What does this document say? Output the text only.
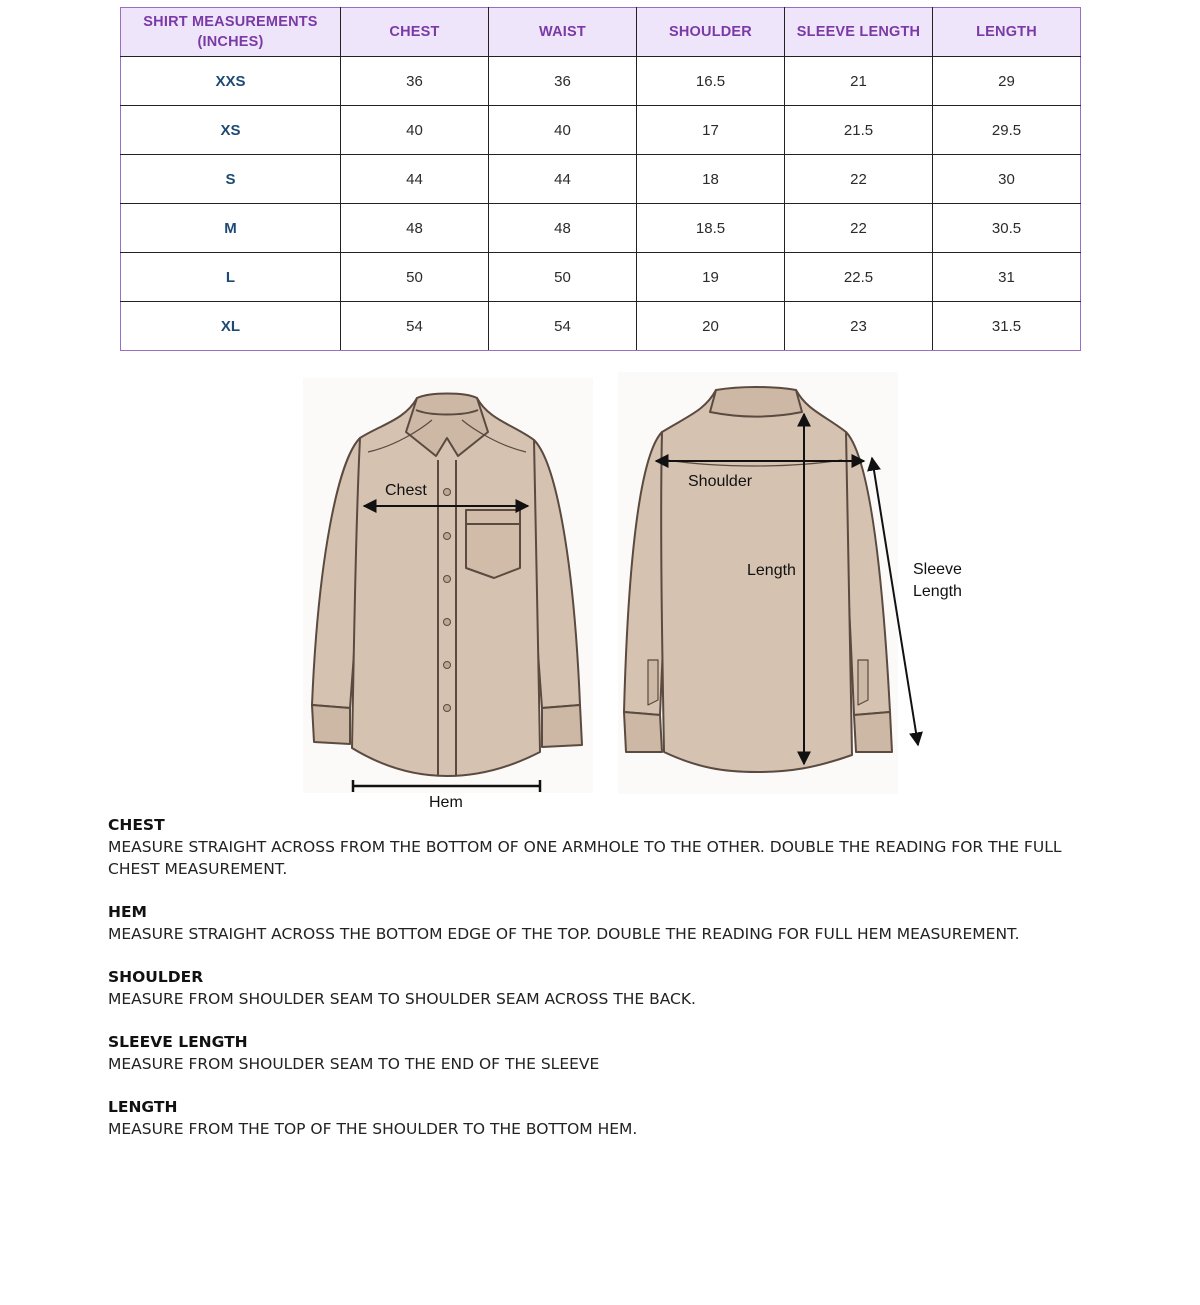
SHIRT MEASUREMENTS (INCHES)	CHEST	WAIST	SHOULDER	SLEEVE LENGTH	LENGTH
XXS	36	36	16.5	21	29
XS	40	40	17	21.5	29.5
S	44	44	18	22	30
M	48	48	18.5	22	30.5
L	50	50	19	22.5	31
XL	54	54	20	23	31.5
Chest
Hem
Shoulder
Length	Sleeve
Length
CHEST
MEASURE STRAIGHT ACROSS FROM THE BOTTOM OF ONE ARMHOLE TO THE OTHER. DOUBLE THE READING FOR THE FULL CHEST MEASUREMENT.
HEM
MEASURE STRAIGHT ACROSS THE BOTTOM EDGE OF THE TOP. DOUBLE THE READING FOR FULL HEM MEASUREMENT.
SHOULDER
MEASURE FROM SHOULDER SEAM TO SHOULDER SEAM ACROSS THE BACK.
SLEEVE LENGTH
MEASURE FROM SHOULDER SEAM TO THE END OF THE SLEEVE
LENGTH
MEASURE FROM THE TOP OF THE SHOULDER TO THE BOTTOM HEM.
